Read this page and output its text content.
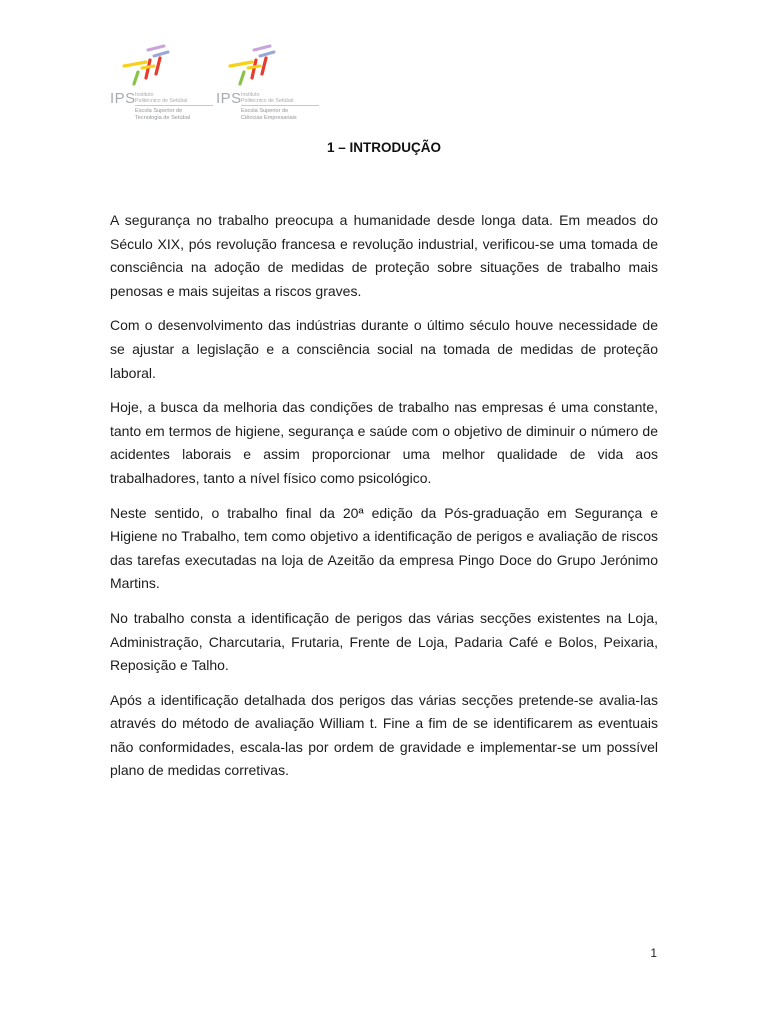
IPS Instituto
Politécnico de Setúbal
Escola Superior de
Tecnologia de Setúbal
IPS Instituto
Politécnico de Setúbal
Escola Superior de
Ciências Empresariais
1 – INTRODUÇÃO

A segurança no trabalho preocupa a humanidade desde longa data. Em meados do Século XIX, pós revolução francesa e revolução industrial, verificou-se uma tomada de consciência na adoção de medidas de proteção sobre situações de trabalho mais penosas e mais sujeitas a riscos graves.

Com o desenvolvimento das indústrias durante o último século houve necessidade de se ajustar a legislação e a consciência social na tomada de medidas de proteção laboral.

Hoje, a busca da melhoria das condições de trabalho nas empresas é uma constante, tanto em termos de higiene, segurança e saúde com o objetivo de diminuir o número de acidentes laborais e assim proporcionar uma melhor qualidade de vida aos trabalhadores, tanto a nível físico como psicológico.

Neste sentido, o trabalho final da 20ª edição da Pós-graduação em Segurança e Higiene no Trabalho, tem como objetivo a identificação de perigos e avaliação de riscos das tarefas executadas na loja de Azeitão da empresa Pingo Doce do Grupo Jerónimo Martins.

No trabalho consta a identificação de perigos das várias secções existentes na Loja, Administração, Charcutaria, Frutaria, Frente de Loja, Padaria Café e Bolos, Peixaria, Reposição e Talho.

Após a identificação detalhada dos perigos das várias secções pretende-se avalia-las através do método de avaliação William t. Fine a fim de se identificarem as eventuais não conformidades, escala-las por ordem de gravidade e implementar-se um possível plano de medidas corretivas.

1
